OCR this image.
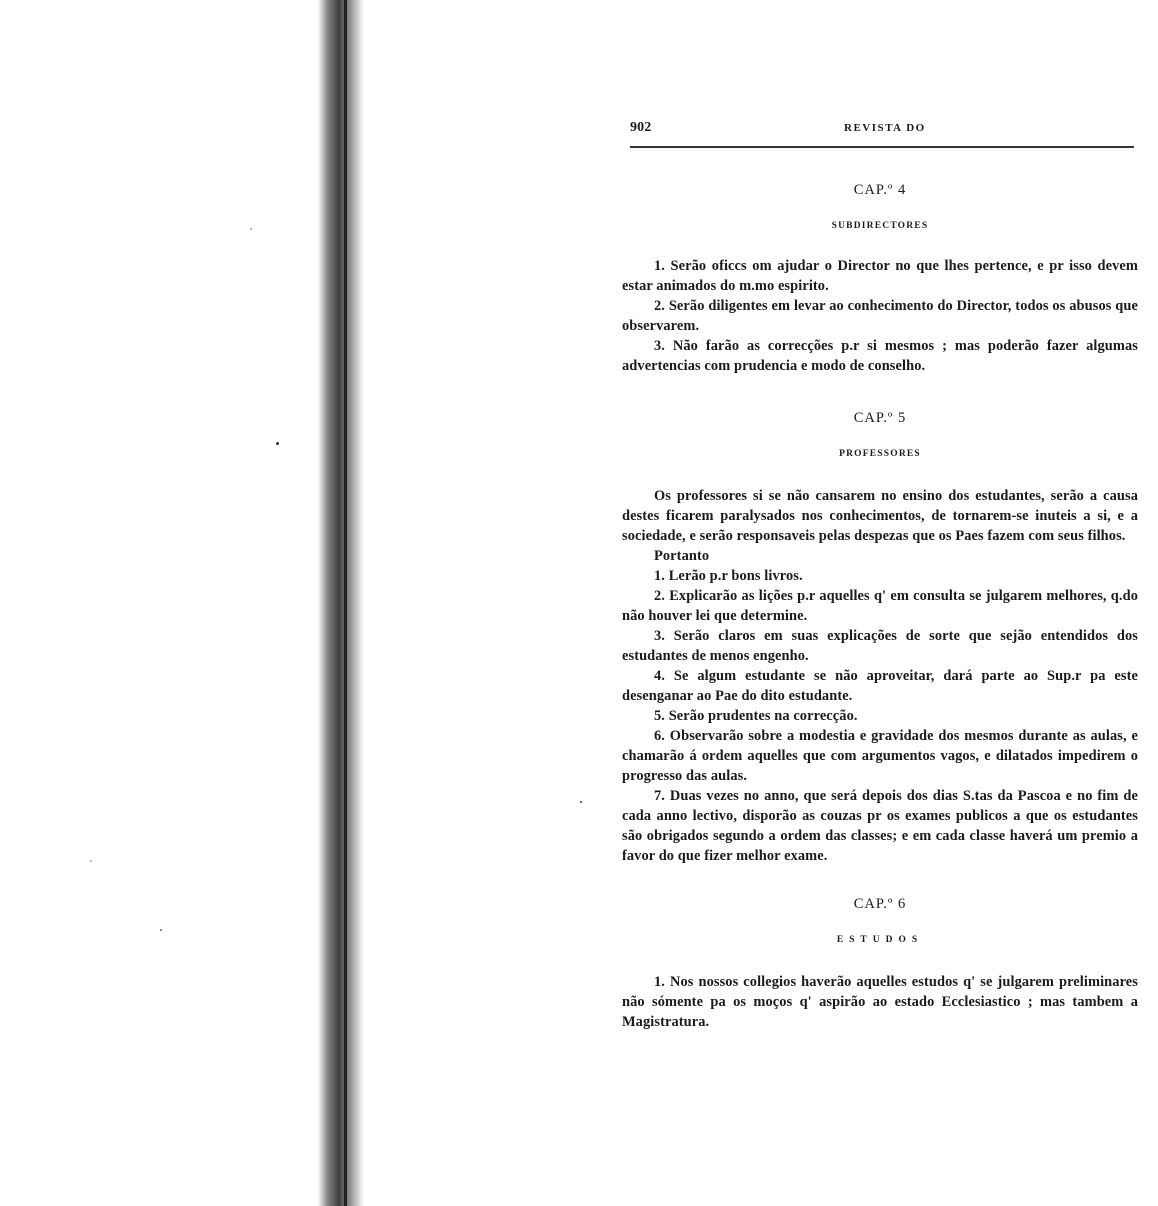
902	REVISTA DO
CAP.º 4
SUBDIRECTORES

1. Serão oficcs om ajudar o Director no que lhes pertence, e pr isso devem estar animados do m.mo espirito.

2. Serão diligentes em levar ao conhecimento do Director, todos os abusos que observarem.

3. Não farão as correcções p.r si mesmos ; mas poderão fazer algumas advertencias com prudencia e modo de conselho.

CAP.º 5
PROFESSORES

Os professores si se não cansarem no ensino dos estudantes, serão a causa destes ficarem paralysados nos conhecimentos, de tornarem-se inuteis a si, e a sociedade, e serão responsaveis pelas despezas que os Paes fazem com seus filhos.

Portanto

1. Lerão p.r bons livros.

2. Explicarão as lições p.r aquelles q' em consulta se julgarem melhores, q.do não houver lei que determine.

3. Serão claros em suas explicações de sorte que sejão entendidos dos estudantes de menos engenho.

4. Se algum estudante se não aproveitar, dará parte ao Sup.r pa este desenganar ao Pae do dito estudante.

5. Serão prudentes na correcção.

6. Observarão sobre a modestia e gravidade dos mesmos durante as aulas, e chamarão á ordem aquelles que com argumentos vagos, e dilatados impedirem o progresso das aulas.

7. Duas vezes no anno, que será depois dos dias S.tas da Pascoa e no fim de cada anno lectivo, disporão as couzas pr os exames publicos a que os estudantes são obrigados segundo a ordem das classes; e em cada classe haverá um premio a favor do que fizer melhor exame.

CAP.º 6
ESTUDOS

1. Nos nossos collegios haverão aquelles estudos q' se julgarem preliminares não sómente pa os moços q' aspirão ao estado Ecclesiastico ; mas tambem a Magistratura.
